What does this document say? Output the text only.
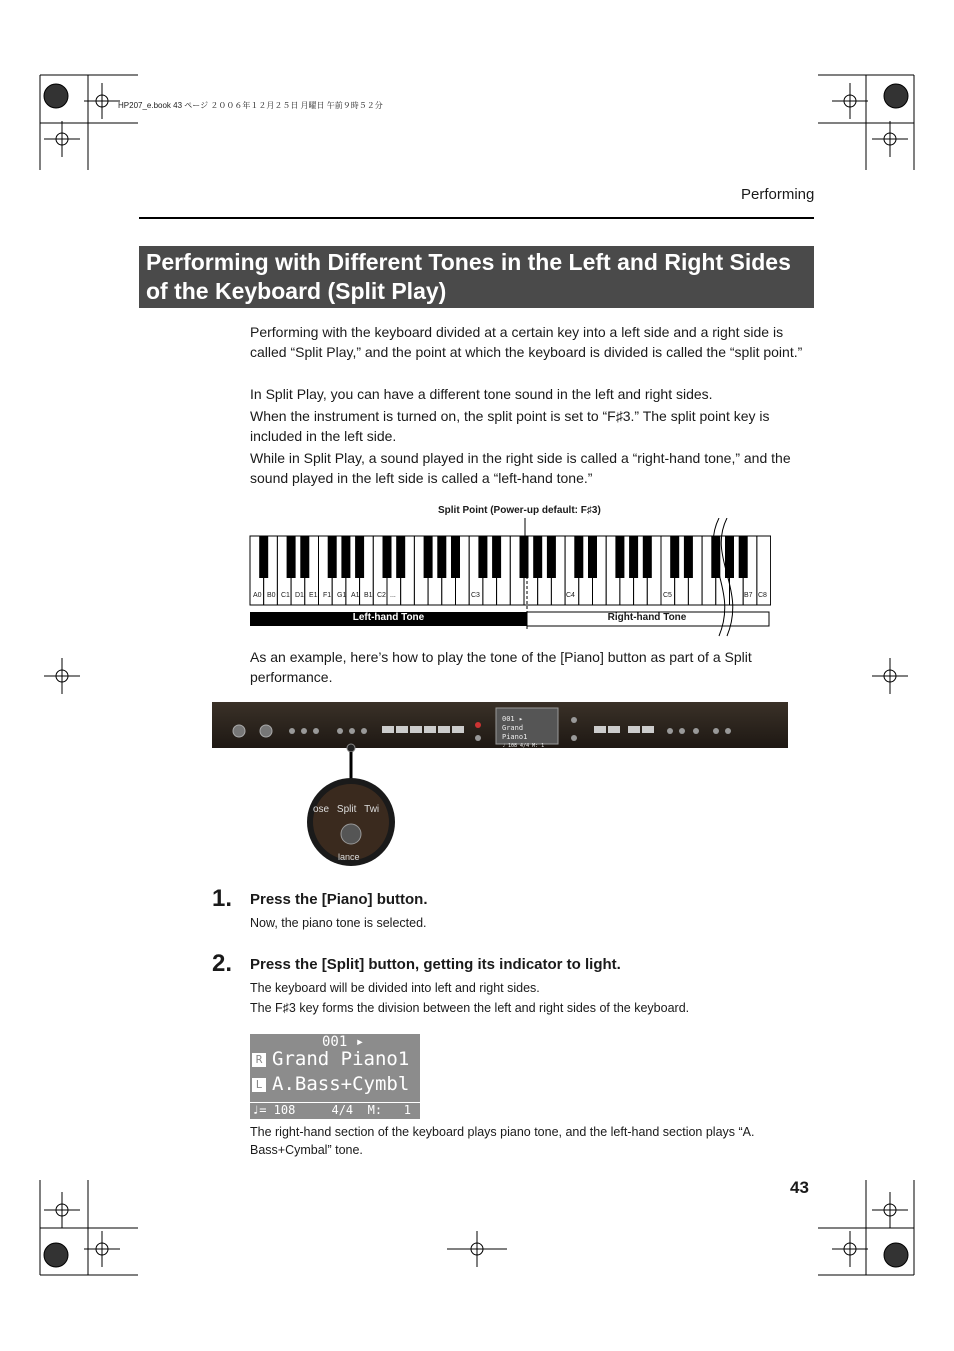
HP207_e.book 43 ページ ２００６年１２月２５日 月曜日 午前９時５２分
Performing
Performing with Different Tones in the Left and Right Sides of the Keyboard (Split Play)
Performing with the keyboard divided at a certain key into a left side and a right side is called “Split Play,” and the point at which the keyboard is divided is called the “split point.”
In Split Play, you can have a different tone sound in the left and right sides.
When the instrument is turned on, the split point is set to “F♯3.” The split point key is included in the left side.
While in Split Play, a sound played in the right side is called a “right-hand tone,” and the sound played in the left side is called a “left-hand tone.”
Split Point (Power-up default: F♯3)
A0 B0 C1 D1 E1 F1 G1 A1 B1 C2 ...	C3	C4	C5	B7 C8
Left-hand Tone	Right-hand Tone
As an example, here’s how to play the tone of the [Piano] button as part of a Split performance.
001 ▸
Grand Piano1
♩ 108 4/4 M: 1
ose Split Twi
lance
1. Press the [Piano] button.
Now, the piano tone is selected.
2. Press the [Split] button, getting its indicator to light.
The keyboard will be divided into left and right sides.
The F♯3 key forms the division between the left and right sides of the keyboard.
001 ▸
R Grand Piano1
L A.Bass+Cymbl
♩= 108     4/4  M:   1
The right-hand section of the keyboard plays piano tone, and the left-hand section plays “A. Bass+Cymbal” tone.
43
